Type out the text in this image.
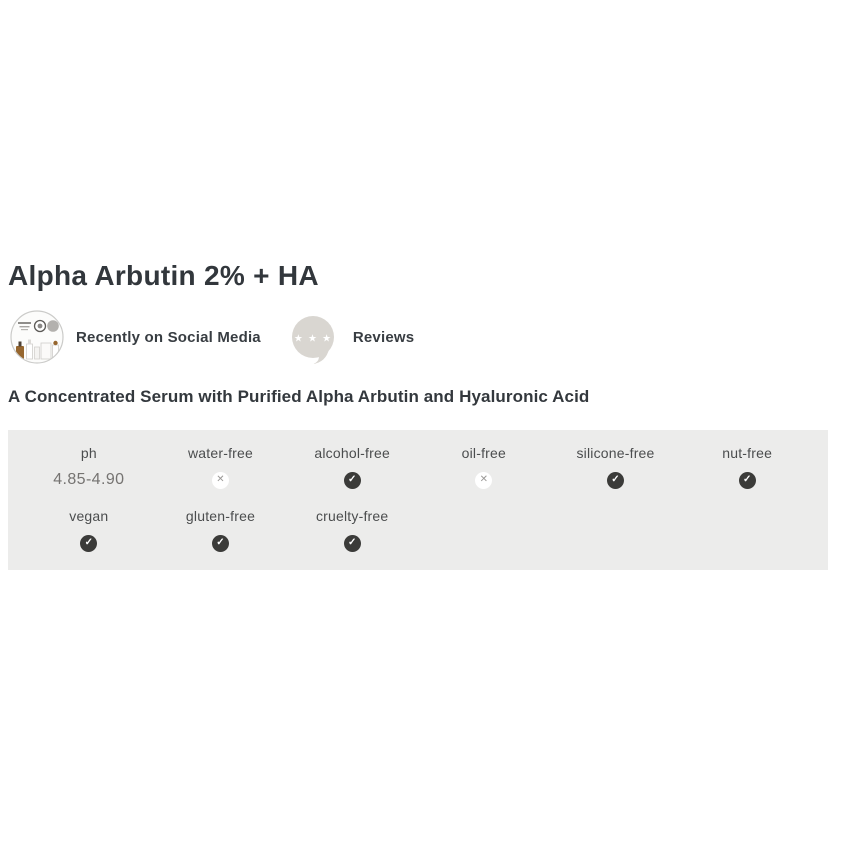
Alpha Arbutin 2% + HA
Recently on Social Media	★ ★ ★ Reviews
A Concentrated Serum with Purified Alpha Arbutin and Hyaluronic Acid
ph
4.85-4.90
water-free
✕
alcohol-free
✓
oil-free
✕
silicone-free
✓
nut-free
✓
vegan
✓
gluten-free
✓
cruelty-free
✓
